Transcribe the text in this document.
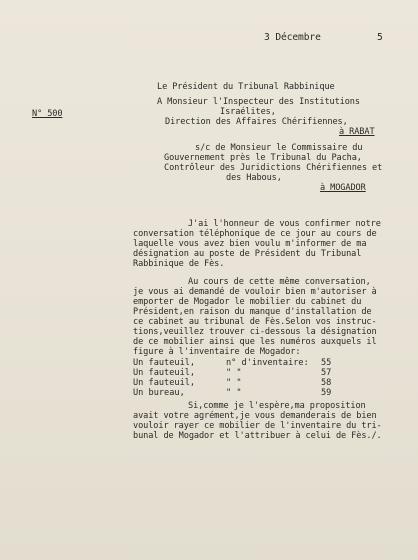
3 Décembre	5
Le Président du Tribunal Rabbinique
N° 500
A Monsieur l'Inspecteur des Institutions
Israélites,
Direction des Affaires Chérifiennes,
à RABAT
s/c de Monsieur le Commissaire du
Gouvernement près le Tribunal du Pacha,
Contrôleur des Juridictions Chérifiennes et
des Habous,
à MOGADOR
J'ai l'honneur de vous confirmer notre
conversation téléphonique de ce jour au cours de
laquelle vous avez bien voulu m'informer de ma
désignation au poste de Président du Tribunal
Rabbinique de Fès.
Au cours de cette même conversation,
je vous ai demandé de vouloir bien m'autoriser à
emporter de Mogador le mobilier du cabinet du
Président,en raison du manque d'installation de
ce cabinet au tribunal de Fès.Selon vos instruc-
tions,veuillez trouver ci-dessous la désignation
de ce mobilier ainsi que les numéros auxquels il
figure à l'inventaire de Mogador:
Un fauteuil,	n° d'inventaire: 55
Un fauteuil,	" "	57
Un fauteuil,	" "	58
Un bureau,	" "	59
Si,comme je l'espère,ma proposition
avait votre agrément,je vous demanderais de bien
vouloir rayer ce mobilier de l'inventaire du tri-
bunal de Mogador et l'attribuer à celui de Fès./.
